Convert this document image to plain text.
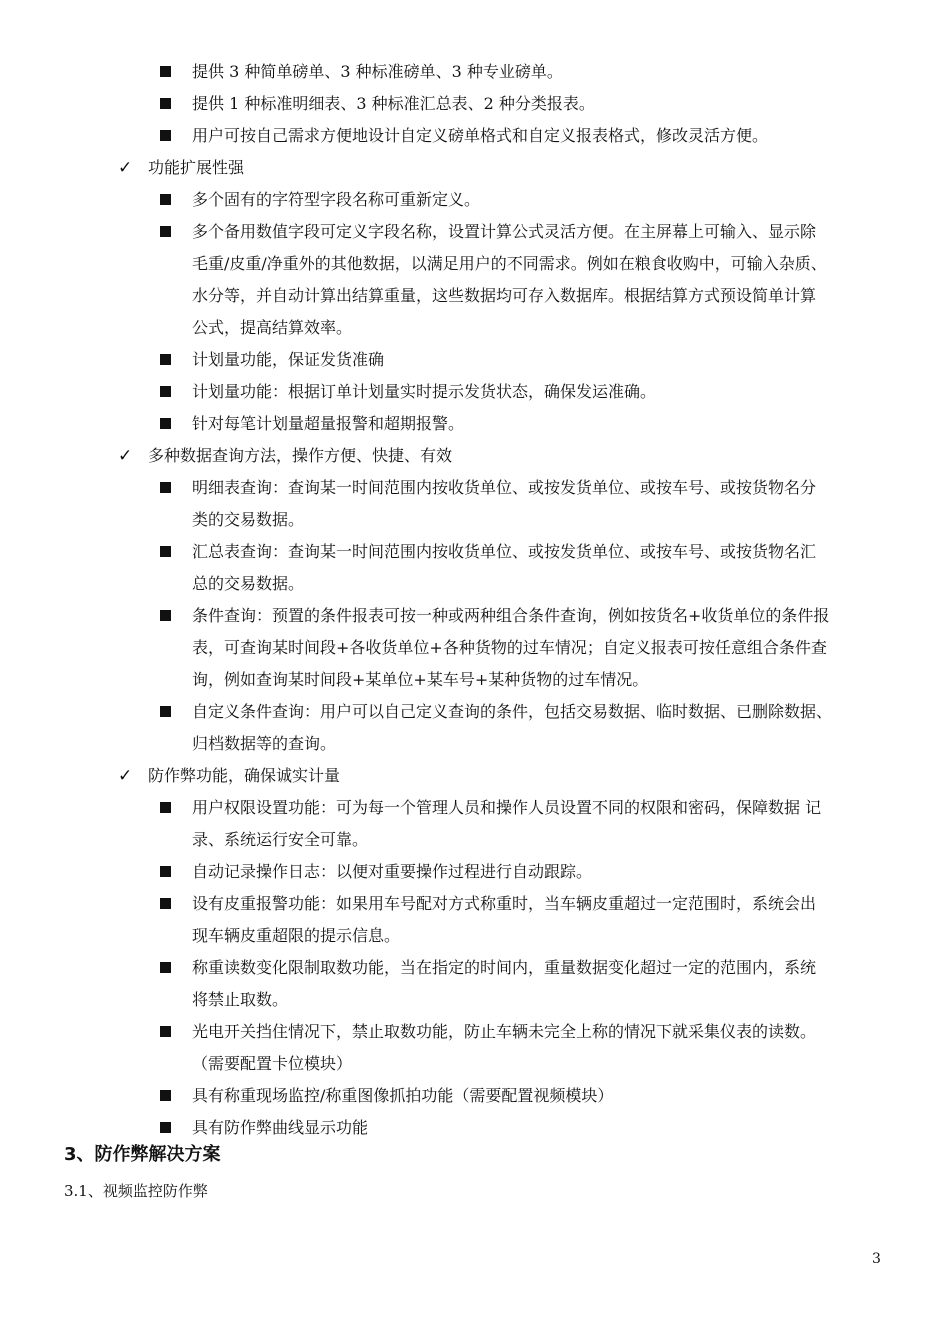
提供 3 种简单磅单、3 种标准磅单、3 种专业磅单。
提供 1 种标准明细表、3 种标准汇总表、2 种分类报表。
用户可按自己需求方便地设计自定义磅单格式和自定义报表格式，修改灵活方便。
✓ 功能扩展性强
多个固有的字符型字段名称可重新定义。
多个备用数值字段可定义字段名称，设置计算公式灵活方便。在主屏幕上可输入、显示除
毛重/皮重/净重外的其他数据，以满足用户的不同需求。例如在粮食收购中，可输入杂质、
水分等，并自动计算出结算重量，这些数据均可存入数据库。根据结算方式预设简单计算
公式，提高结算效率。
计划量功能，保证发货准确
计划量功能：根据订单计划量实时提示发货状态，确保发运准确。
针对每笔计划量超量报警和超期报警。
✓ 多种数据查询方法，操作方便、快捷、有效
明细表查询：查询某一时间范围内按收货单位、或按发货单位、或按车号、或按货物名分
类的交易数据。
汇总表查询：查询某一时间范围内按收货单位、或按发货单位、或按车号、或按货物名汇
总的交易数据。
条件查询：预置的条件报表可按一种或两种组合条件查询，例如按货名+收货单位的条件报
表，可查询某时间段+各收货单位+各种货物的过车情况；自定义报表可按任意组合条件查
询，例如查询某时间段+某单位+某车号+某种货物的过车情况。
自定义条件查询：用户可以自己定义查询的条件，包括交易数据、临时数据、已删除数据、
归档数据等的查询。
✓ 防作弊功能，确保诚实计量
用户权限设置功能：可为每一个管理人员和操作人员设置不同的权限和密码，保障数据 记
录、系统运行安全可靠。
自动记录操作日志：以便对重要操作过程进行自动跟踪。
设有皮重报警功能：如果用车号配对方式称重时，当车辆皮重超过一定范围时，系统会出
现车辆皮重超限的提示信息。
称重读数变化限制取数功能，当在指定的时间内，重量数据变化超过一定的范围内，系统
将禁止取数。
光电开关挡住情况下，禁止取数功能，防止车辆未完全上称的情况下就采集仪表的读数。
（需要配置卡位模块）
具有称重现场监控/称重图像抓拍功能（需要配置视频模块）
具有防作弊曲线显示功能
3、防作弊解决方案
3.1、视频监控防作弊
3
